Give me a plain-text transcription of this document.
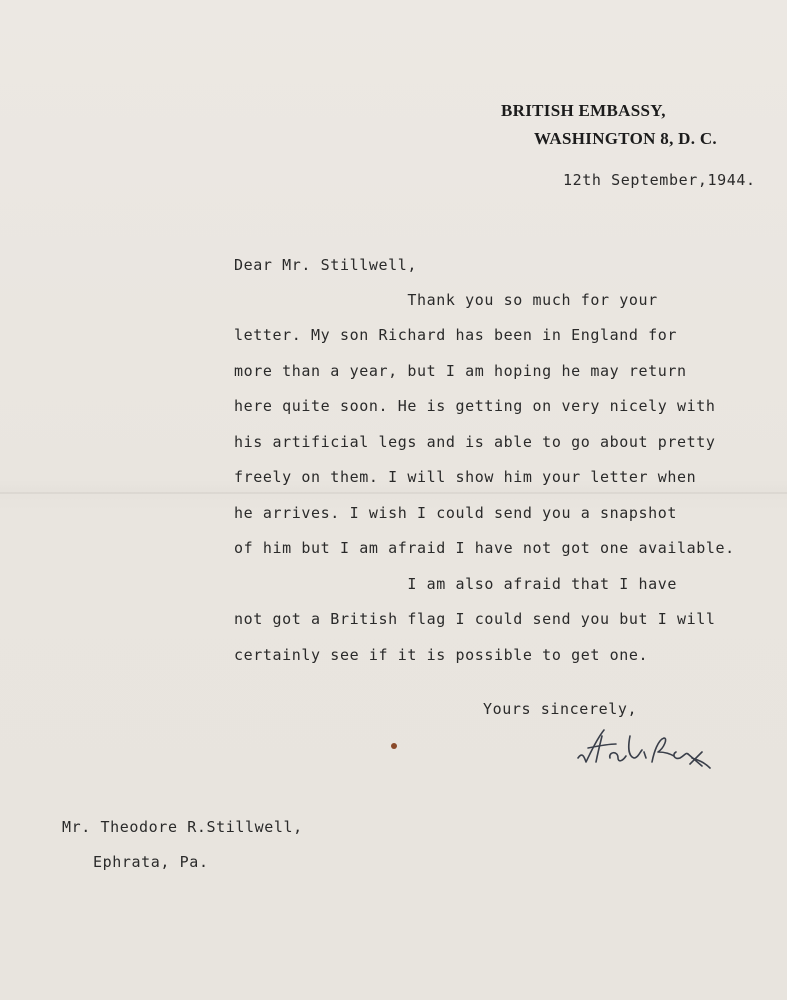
BRITISH EMBASSY,
WASHINGTON 8, D. C.
12th September,1944.
Dear Mr. Stillwell,
Thank you so much for your
letter. My son Richard has been in England for
more than a year, but I am hoping he may return
here quite soon. He is getting on very nicely with
his artificial legs and is able to go about pretty
freely on them. I will show him your letter when
he arrives. I wish I could send you a snapshot
of him but I am afraid I have not got one available.
I am also afraid that I have
not got a British flag I could send you but I will
certainly see if it is possible to get one.
Yours sincerely,
Mr. Theodore R.Stillwell,
Ephrata, Pa.
